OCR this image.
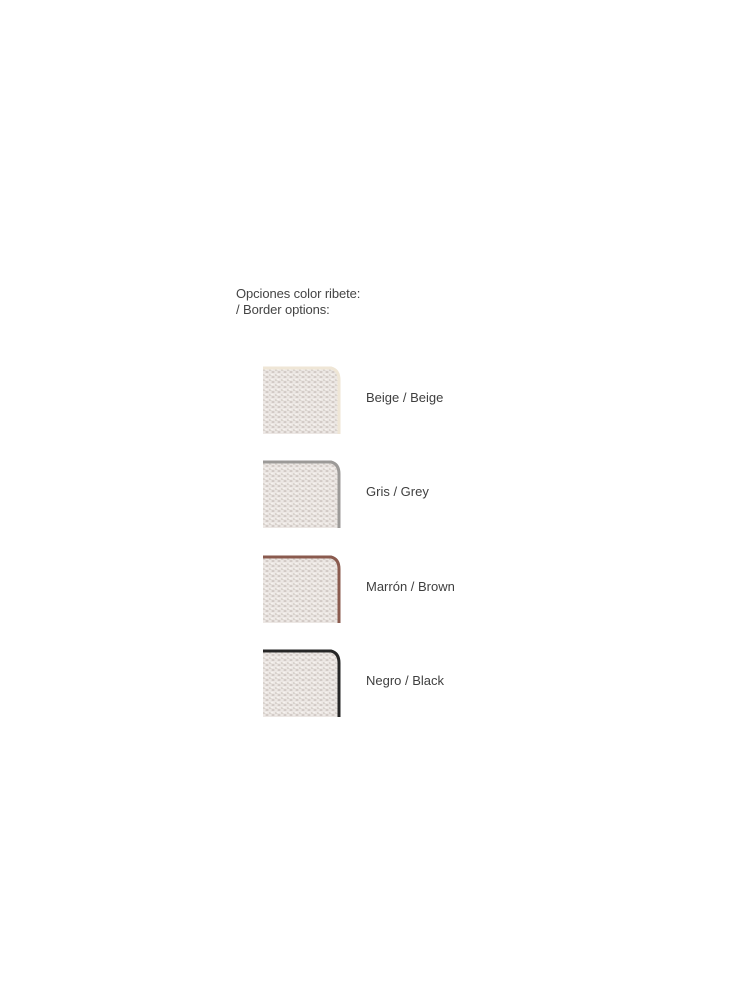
Opciones color ribete:
/ Border options:
Beige / Beige
Gris / Grey
Marrón / Brown
Negro / Black
